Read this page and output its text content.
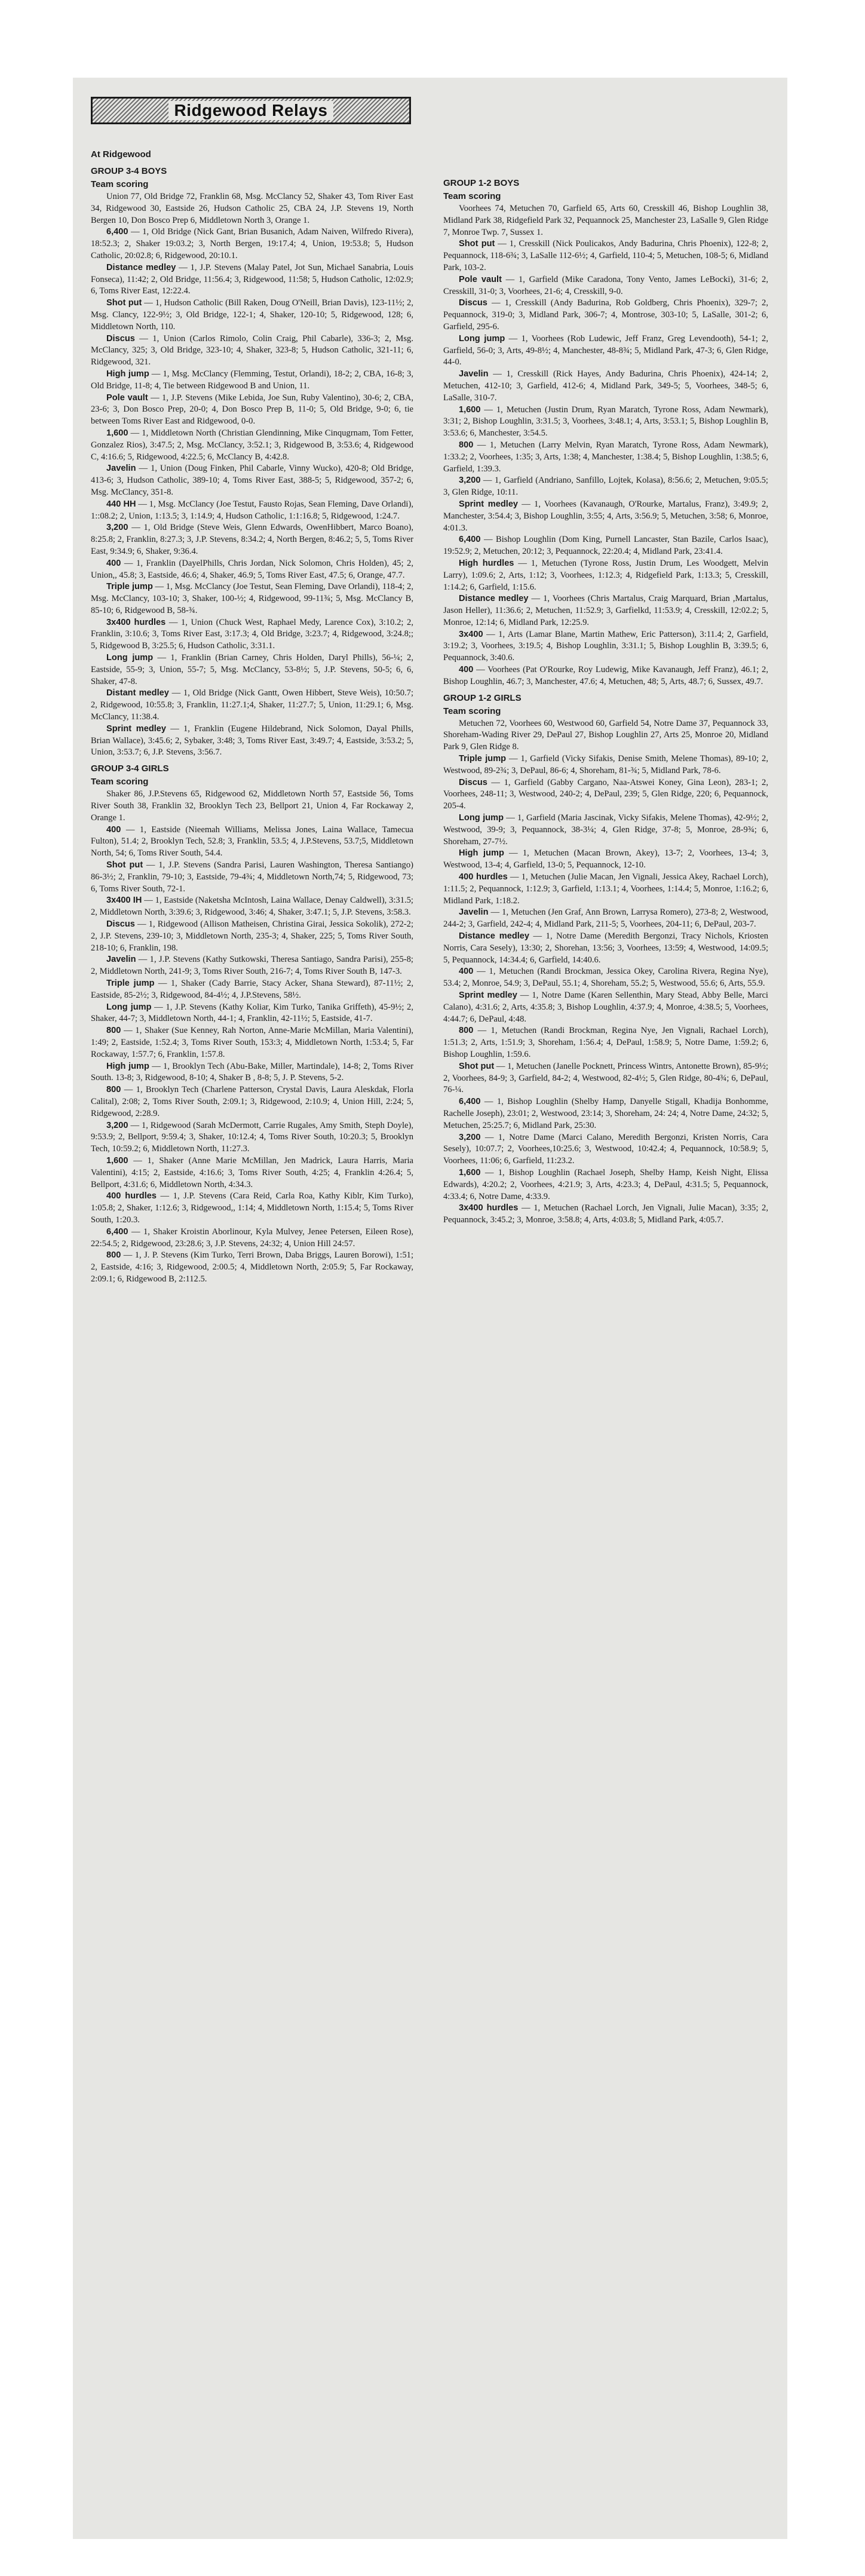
Ridgewood Relays
At Ridgewood
GROUP 3-4 BOYS
Team scoring

Union 77, Old Bridge 72, Franklin 68, Msg. McClancy 52, Shaker 43, Tom River East 34, Ridgewood 30, Eastside 26, Hudson Catholic 25, CBA 24, J.P. Stevens 19, North Bergen 10, Don Bosco Prep 6, Middletown North 3, Orange 1.

6,400 — 1, Old Bridge (Nick Gant, Brian Busanich, Adam Naiven, Wilfredo Rivera), 18:52.3; 2, Shaker 19:03.2; 3, North Bergen, 19:17.4; 4, Union, 19:53.8; 5, Hudson Catholic, 20:02.8; 6, Ridgewood, 20:10.1.

Distance medley — 1, J.P. Stevens (Malay Patel, Jot Sun, Michael Sanabria, Louis Fonseca), 11:42; 2, Old Bridge, 11:56.4; 3, Ridgewood, 11:58; 5, Hudson Catholic, 12:02.9; 6, Toms River East, 12:22.4.

Shot put — 1, Hudson Catholic (Bill Raken, Doug O'Neill, Brian Davis), 123-11½; 2, Msg. Clancy, 122-9½; 3, Old Bridge, 122-1; 4, Shaker, 120-10; 5, Ridgewood, 128; 6, Middletown North, 110.

Discus — 1, Union (Carlos Rimolo, Colin Craig, Phil Cabarle), 336-3; 2, Msg. McClancy, 325; 3, Old Bridge, 323-10; 4, Shaker, 323-8; 5, Hudson Catholic, 321-11; 6, Ridgewood, 321.

High jump — 1, Msg. McClancy (Flemming, Testut, Orlandi), 18-2; 2, CBA, 16-8; 3, Old Bridge, 11-8; 4, Tie between Ridgewood B and Union, 11.

Pole vault — 1, J.P. Stevens (Mike Lebida, Joe Sun, Ruby Valentino), 30-6; 2, CBA, 23-6; 3, Don Bosco Prep, 20-0; 4, Don Bosco Prep B, 11-0; 5, Old Bridge, 9-0; 6, tie between Toms River East and Ridgewood, 0-0.

1,600 — 1, Middletown North (Christian Glendinning, Mike Cinqugrnam, Tom Fetter, Gonzalez Rios), 3:47.5; 2, Msg. McClancy, 3:52.1; 3, Ridgewood B, 3:53.6; 4, Ridgewood C, 4:16.6; 5, Ridgewood, 4:22.5; 6, McClancy B, 4:42.8.

Javelin — 1, Union (Doug Finken, Phil Cabarle, Vinny Wucko), 420-8; Old Bridge, 413-6; 3, Hudson Catholic, 389-10; 4, Toms River East, 388-5; 5, Ridgewood, 357-2; 6, Msg. McClancy, 351-8.

440 HH — 1, Msg. McClancy (Joe Testut, Fausto Rojas, Sean Fleming, Dave Orlandi), 1::08.2; 2, Union, 1:13.5; 3, 1:14.9; 4, Hudson Catholic, 1:1:16.8; 5, Ridgewood, 1:24.7.

3,200 — 1, Old Bridge (Steve Weis, Glenn Edwards, OwenHibbert, Marco Boano), 8:25.8; 2, Franklin, 8:27.3; 3, J.P. Stevens, 8:34.2; 4, North Bergen, 8:46.2; 5, 5, Toms River East, 9:34.9; 6, Shaker, 9:36.4.

400 — 1, Franklin (DayelPhills, Chris Jordan, Nick Solomon, Chris Holden), 45; 2, Union,, 45.8; 3, Eastside, 46.6; 4, Shaker, 46.9; 5, Toms River East, 47.5; 6, Orange, 47.7.

Triple jump — 1, Msg. McClancy (Joe Testut, Sean Fleming, Dave Orlandi), 118-4; 2, Msg. McClancy, 103-10; 3, Shaker, 100-½; 4, Ridgewood, 99-11¾; 5, Msg. McClancy B, 85-10; 6, Ridgewood B, 58-¾.

3x400 hurdles — 1, Union (Chuck West, Raphael Medy, Larence Cox), 3:10.2; 2, Franklin, 3:10.6; 3, Toms River East, 3:17.3; 4, Old Bridge, 3:23.7; 4, Ridgewood, 3:24.8;; 5, Ridgewood B, 3:25.5; 6, Hudson Catholic, 3:31.1.

Long jump — 1, Franklin (Brian Carney, Chris Holden, Daryl Phills), 56-¼; 2, Eastside, 55-9; 3, Union, 55-7; 5, Msg. McClancy, 53-8½; 5, J.P. Stevens, 50-5; 6, 6, Shaker, 47-8.

Distant medley — 1, Old Bridge (Nick Gantt, Owen Hibbert, Steve Weis), 10:50.7; 2, Ridgewood, 10:55.8; 3, Franklin, 11:27.1;4, Shaker, 11:27.7; 5, Union, 11:29.1; 6, Msg. McClancy, 11:38.4.

Sprint medley — 1, Franklin (Eugene Hildebrand, Nick Solomon, Dayal Phills, Brian Wallace), 3:45.6; 2, Sybaker, 3:48; 3, Toms River East, 3:49.7; 4, Eastside, 3:53.2; 5, Union, 3:53.7; 6, J.P. Stevens, 3:56.7.

GROUP 3-4 GIRLS
Team scoring

Shaker 86, J.P.Stevens 65, Ridgewood 62, Middletown North 57, Eastside 56, Toms River South 38, Franklin 32, Brooklyn Tech 23, Bellport 21, Union 4, Far Rockaway 2, Orange 1.

400 — 1, Eastside (Nieemah Williams, Melissa Jones, Laina Wallace, Tamecua Fulton), 51.4; 2, Brooklyn Tech, 52.8; 3, Franklin, 53.5; 4, J.P.Stevens, 53.7;5, Middletown North, 54; 6, Toms River South, 54.4.

Shot put — 1, J.P. Stevens (Sandra Parisi, Lauren Washington, Theresa Santiango) 86-3½; 2, Franklin, 79-10; 3, Eastside, 79-4¾; 4, Middletown North,74; 5, Ridgewood, 73; 6, Toms River South, 72-1.

3x400 IH — 1, Eastside (Naketsha McIntosh, Laina Wallace, Denay Caldwell), 3:31.5; 2, Middletown North, 3:39.6; 3, Ridgewood, 3:46; 4, Shaker, 3:47.1; 5, J.P. Stevens, 3:58.3.

Discus — 1, Ridgewood (Allison Matheisen, Christina Girai, Jessica Sokolik), 272-2; 2, J.P. Stevens, 239-10; 3, Middletown North, 235-3; 4, Shaker, 225; 5, Toms River South, 218-10; 6, Franklin, 198.

Javelin — 1, J.P. Stevens (Kathy Sutkowski, Theresa Santiago, Sandra Parisi), 255-8; 2, Middletown North, 241-9; 3, Toms River South, 216-7; 4, Toms River South B, 147-3.

Triple jump — 1, Shaker (Cady Barrie, Stacy Acker, Shana Steward), 87-11½; 2, Eastside, 85-2½; 3, Ridgewood, 84-4½; 4, J.P.Stevens, 58½.

Long jump — 1, J.P. Stevens (Kathy Koliar, Kim Turko, Tanika Griffeth), 45-9½; 2, Shaker, 44-7; 3, Middletown North, 44-1; 4, Franklin, 42-11½; 5, Eastside, 41-7.

800 — 1, Shaker (Sue Kenney, Rah Norton, Anne-Marie McMillan, Maria Valentini), 1:49; 2, Eastside, 1:52.4; 3, Toms River South, 153:3; 4, Middletown North, 1:53.4; 5, Far Rockaway, 1:57.7; 6, Franklin, 1:57.8.

High jump — 1, Brooklyn Tech (Abu-Bake, Miller, Martindale), 14-8; 2, Toms River South. 13-8; 3, Ridgewood, 8-10; 4, Shaker B , 8-8; 5, J. P. Stevens, 5-2.

800 — 1, Brooklyn Tech (Charlene Patterson, Crystal Davis, Laura Aleskdak, Florla Calital), 2:08; 2, Toms River South, 2:09.1; 3, Ridgewood, 2:10.9; 4, Union Hill, 2:24; 5, Ridgewood, 2:28.9.

3,200 — 1, Ridgewood (Sarah McDermott, Carrie Rugales, Amy Smith, Steph Doyle), 9:53.9; 2, Bellport, 9:59.4; 3, Shaker, 10:12.4; 4, Toms River South, 10:20.3; 5, Brooklyn Tech, 10:59.2; 6, Middletown North, 11:27.3.

1,600 — 1, Shaker (Anne Marie McMillan, Jen Madrick, Laura Harris, Maria Valentini), 4:15; 2, Eastside, 4:16.6; 3, Toms River South, 4:25; 4, Franklin 4:26.4; 5, Bellport, 4:31.6; 6, Middletown North, 4:34.3.

400 hurdles — 1, J.P. Stevens (Cara Reid, Carla Roa, Kathy Kiblr, Kim Turko), 1:05.8; 2, Shaker, 1:12.6; 3, Ridgewood,, 1:14; 4, Middletown North, 1:15.4; 5, Toms River South, 1:20.3.

6,400 — 1, Shaker Kroistin Aborlinour, Kyla Mulvey, Jenee Petersen, Eileen Rose), 22:54.5; 2, Ridgewood, 23:28.6; 3, J.P. Stevens, 24:32; 4, Union Hill 24:57.

800 — 1, J. P. Stevens (Kim Turko, Terri Brown, Daba Briggs, Lauren Borowi), 1:51; 2, Eastside, 4:16; 3, Ridgewood, 2:00.5; 4, Middletown North, 2:05.9; 5, Far Rockaway, 2:09.1; 6, Ridgewood B, 2:112.5.

GROUP 1-2 BOYS
Team scoring

Voorhees 74, Metuchen 70, Garfield 65, Arts 60, Cresskill 46, Bishop Loughlin 38, Midland Park 38, Ridgefield Park 32, Pequannock 25, Manchester 23, LaSalle 9, Glen Ridge 7, Monroe Twp. 7, Sussex 1.

Shot put — 1, Cresskill (Nick Poulicakos, Andy Badurina, Chris Phoenix), 122-8; 2, Pequannock, 118-6¾; 3, LaSalle 112-6½; 4, Garfield, 110-4; 5, Metuchen, 108-5; 6, Midland Park, 103-2.

Pole vault — 1, Garfield (Mike Caradona, Tony Vento, James LeBocki), 31-6; 2, Cresskill, 31-0; 3, Voorhees, 21-6; 4, Cresskill, 9-0.

Discus — 1, Cresskill (Andy Badurina, Rob Goldberg, Chris Phoenix), 329-7; 2, Pequannock, 319-0; 3, Midland Park, 306-7; 4, Montrose, 303-10; 5, LaSalle, 301-2; 6, Garfield, 295-6.

Long jump — 1, Voorhees (Rob Ludewic, Jeff Franz, Greg Levendooth), 54-1; 2, Garfield, 56-0; 3, Arts, 49-8½; 4, Manchester, 48-8¾; 5, Midland Park, 47-3; 6, Glen Ridge, 44-0.

Javelin — 1, Cresskill (Rick Hayes, Andy Badurina, Chris Phoenix), 424-14; 2, Metuchen, 412-10; 3, Garfield, 412-6; 4, Midland Park, 349-5; 5, Voorhees, 348-5; 6, LaSalle, 310-7.

1,600 — 1, Metuchen (Justin Drum, Ryan Maratch, Tyrone Ross, Adam Newmark), 3:31; 2, Bishop Loughlin, 3:31.5; 3, Voorhees, 3:48.1; 4, Arts, 3:53.1; 5, Bishop Loughlin B, 3:53.6; 6, Manchester, 3:54.5.

800 — 1, Metuchen (Larry Melvin, Ryan Maratch, Tyrone Ross, Adam Newmark), 1:33.2; 2, Voorhees, 1:35; 3, Arts, 1:38; 4, Manchester, 1:38.4; 5, Bishop Loughlin, 1:38.5; 6, Garfield, 1:39.3.

3,200 — 1, Garfield (Andriano, Sanfillo, Lojtek, Kolasa), 8:56.6; 2, Metuchen, 9:05.5; 3, Glen Ridge, 10:11.

Sprint medley — 1, Voorhees (Kavanaugh, O'Rourke, Martalus, Franz), 3:49.9; 2, Manchester, 3:54.4; 3, Bishop Loughlin, 3:55; 4, Arts, 3:56.9; 5, Metuchen, 3:58; 6, Monroe, 4:01.3.

6,400 — Bishop Loughlin (Dom King, Purnell Lancaster, Stan Bazile, Carlos Isaac), 19:52.9; 2, Metuchen, 20:12; 3, Pequannock, 22:20.4; 4, Midland Park, 23:41.4.

High hurdles — 1, Metuchen (Tyrone Ross, Justin Drum, Les Woodgett, Melvin Larry), 1:09.6; 2, Arts, 1:12; 3, Voorhees, 1:12.3; 4, Ridgefield Park, 1:13.3; 5, Cresskill, 1:14.2; 6, Garfield, 1:15.6.

Distance medley — 1, Voorhees (Chris Martalus, Craig Marquard, Brian ,Martalus, Jason Heller), 11:36.6; 2, Metuchen, 11:52.9; 3, Garfielkd, 11:53.9; 4, Cresskill, 12:02.2; 5, Monroe, 12:14; 6, Midland Park, 12:25.9.

3x400 — 1, Arts (Lamar Blane, Martin Mathew, Eric Patterson), 3:11.4; 2, Garfield, 3:19.2; 3, Voorhees, 3:19.5; 4, Bishop Loughlin, 3:31.1; 5, Bishop Loughlin B, 3:39.5; 6, Pequannock, 3:40.6.

400 — Voorhees (Pat O'Rourke, Roy Ludewig, Mike Kavanaugh, Jeff Franz), 46.1; 2, Bishop Loughlin, 46.7; 3, Manchester, 47.6; 4, Metuchen, 48; 5, Arts, 48.7; 6, Sussex, 49.7.

GROUP 1-2 GIRLS
Team scoring

Metuchen 72, Voorhees 60, Westwood 60, Garfield 54, Notre Dame 37, Pequannock 33, Shoreham-Wading River 29, DePaul 27, Bishop Loughlin 27, Arts 25, Monroe 20, Midland Park 9, Glen Ridge 8.

Triple jump — 1, Garfield (Vicky Sifakis, Denise Smith, Melene Thomas), 89-10; 2, Westwood, 89-2¾; 3, DePaul, 86-6; 4, Shoreham, 81-¾; 5, Midland Park, 78-6.

Discus — 1, Garfield (Gabby Cargano, Naa-Atswei Koney, Gina Leon), 283-1; 2, Voorhees, 248-11; 3, Westwood, 240-2; 4, DePaul, 239; 5, Glen Ridge, 220; 6, Pequannock, 205-4.

Long jump — 1, Garfield (Maria Jascinak, Vicky Sifakis, Melene Thomas), 42-9½; 2, Westwood, 39-9; 3, Pequannock, 38-3¼; 4, Glen Ridge, 37-8; 5, Monroe, 28-9¾; 6, Shoreham, 27-7½.

High jump — 1, Metuchen (Macan Brown, Akey), 13-7; 2, Voorhees, 13-4; 3, Westwood, 13-4; 4, Garfield, 13-0; 5, Pequannock, 12-10.

400 hurdles — 1, Metuchen (Julie Macan, Jen Vignali, Jessica Akey, Rachael Lorch), 1:11.5; 2, Pequannock, 1:12.9; 3, Garfield, 1:13.1; 4, Voorhees, 1:14.4; 5, Monroe, 1:16.2; 6, Midland Park, 1:18.2.

Javelin — 1, Metuchen (Jen Graf, Ann Brown, Larrysa Romero), 273-8; 2, Westwood, 244-2; 3, Garfield, 242-4; 4, Midland Park, 211-5; 5, Voorhees, 204-11; 6, DePaul, 203-7.

Distance medley — 1, Notre Dame (Meredith Bergonzi, Tracy Nichols, Kriosten Norris, Cara Sesely), 13:30; 2, Shorehan, 13:56; 3, Voorhees, 13:59; 4, Westwood, 14:09.5; 5, Pequannock, 14:34.4; 6, Garfield, 14:40.6.

400 — 1, Metuchen (Randi Brockman, Jessica Okey, Carolina Rivera, Regina Nye), 53.4; 2, Monroe, 54.9; 3, DePaul, 55.1; 4, Shoreham, 55.2; 5, Westwood, 55.6; 6, Arts, 55.9.

Sprint medley — 1, Notre Dame (Karen Sellenthin, Mary Stead, Abby Belle, Marci Calano), 4:31.6; 2, Arts, 4:35.8; 3, Bishop Loughlin, 4:37.9; 4, Monroe, 4:38.5; 5, Voorhees, 4:44.7; 6, DePaul, 4:48.

800 — 1, Metuchen (Randi Brockman, Regina Nye, Jen Vignali, Rachael Lorch), 1:51.3; 2, Arts, 1:51.9; 3, Shoreham, 1:56.4; 4, DePaul, 1:58.9; 5, Notre Dame, 1:59.2; 6, Bishop Loughlin, 1:59.6.

Shot put — 1, Metuchen (Janelle Pocknett, Princess Wintrs, Antonette Brown), 85-9½; 2, Voorhees, 84-9; 3, Garfield, 84-2; 4, Westwood, 82-4½; 5, Glen Ridge, 80-4¾; 6, DePaul, 76-¼.

6,400 — 1, Bishop Loughlin (Shelby Hamp, Danyelle Stigall, Khadija Bonhomme, Rachelle Joseph), 23:01; 2, Westwood, 23:14; 3, Shoreham, 24: 24; 4, Notre Dame, 24:32; 5, Metuchen, 25:25.7; 6, Midland Park, 25:30.

3,200 — 1, Notre Dame (Marci Calano, Meredith Bergonzi, Kristen Norris, Cara Sesely), 10:07.7; 2, Voorhees,10:25.6; 3, Westwood, 10:42.4; 4, Pequannock, 10:58.9; 5, Voorhees, 11:06; 6, Garfield, 11:23.2.

1,600 — 1, Bishop Loughlin (Rachael Joseph, Shelby Hamp, Keish Night, Elissa Edwards), 4:20.2; 2, Voorhees, 4:21.9; 3, Arts, 4:23.3; 4, DePaul, 4:31.5; 5, Pequannock, 4:33.4; 6, Notre Dame, 4:33.9.

3x400 hurdles — 1, Metuchen (Rachael Lorch, Jen Vignali, Julie Macan), 3:35; 2, Pequannock, 3:45.2; 3, Monroe, 3:58.8; 4, Arts, 4:03.8; 5, Midland Park, 4:05.7.
